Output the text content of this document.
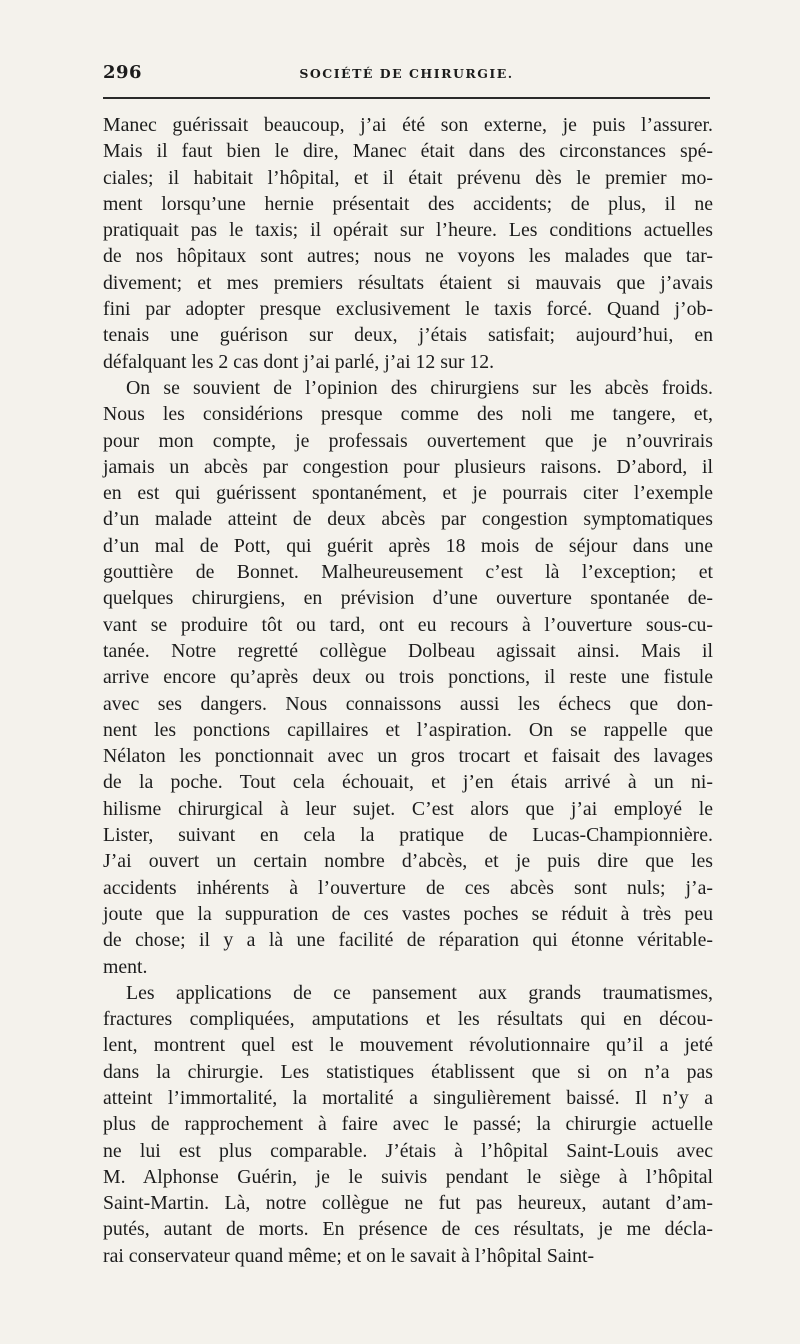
296	SOCIÉTÉ DE CHIRURGIE.

Manec guérissait beaucoup, j’ai été son externe, je puis l’assurer.
Mais il faut bien le dire, Manec était dans des circonstances spé-
ciales; il habitait l’hôpital, et il était prévenu dès le premier mo-
ment lorsqu’une hernie présentait des accidents; de plus, il ne
pratiquait pas le taxis; il opérait sur l’heure. Les conditions actuelles
de nos hôpitaux sont autres; nous ne voyons les malades que tar-
divement; et mes premiers résultats étaient si mauvais que j’avais
fini par adopter presque exclusivement le taxis forcé. Quand j’ob-
tenais une guérison sur deux, j’étais satisfait; aujourd’hui, en
défalquant les 2 cas dont j’ai parlé, j’ai 12 sur 12.

On se souvient de l’opinion des chirurgiens sur les abcès froids.
Nous les considérions presque comme des noli me tangere, et,
pour mon compte, je professais ouvertement que je n’ouvrirais
jamais un abcès par congestion pour plusieurs raisons. D’abord, il
en est qui guérissent spontanément, et je pourrais citer l’exemple
d’un malade atteint de deux abcès par congestion symptomatiques
d’un mal de Pott, qui guérit après 18 mois de séjour dans une
gouttière de Bonnet. Malheureusement c’est là l’exception; et
quelques chirurgiens, en prévision d’une ouverture spontanée de-
vant se produire tôt ou tard, ont eu recours à l’ouverture sous-cu-
tanée. Notre regretté collègue Dolbeau agissait ainsi. Mais il
arrive encore qu’après deux ou trois ponctions, il reste une fistule
avec ses dangers. Nous connaissons aussi les échecs que don-
nent les ponctions capillaires et l’aspiration. On se rappelle que
Nélaton les ponctionnait avec un gros trocart et faisait des lavages
de la poche. Tout cela échouait, et j’en étais arrivé à un ni-
hilisme chirurgical à leur sujet. C’est alors que j’ai employé le
Lister, suivant en cela la pratique de Lucas-Championnière.
J’ai ouvert un certain nombre d’abcès, et je puis dire que les
accidents inhérents à l’ouverture de ces abcès sont nuls; j’a-
joute que la suppuration de ces vastes poches se réduit à très peu
de chose; il y a là une facilité de réparation qui étonne véritable-
ment.

Les applications de ce pansement aux grands traumatismes,
fractures compliquées, amputations et les résultats qui en décou-
lent, montrent quel est le mouvement révolutionnaire qu’il a jeté
dans la chirurgie. Les statistiques établissent que si on n’a pas
atteint l’immortalité, la mortalité a singulièrement baissé. Il n’y a
plus de rapprochement à faire avec le passé; la chirurgie actuelle
ne lui est plus comparable. J’étais à l’hôpital Saint-Louis avec
M. Alphonse Guérin, je le suivis pendant le siège à l’hôpital
Saint-Martin. Là, notre collègue ne fut pas heureux, autant d’am-
putés, autant de morts. En présence de ces résultats, je me décla-
rai conservateur quand même; et on le savait à l’hôpital Saint-
